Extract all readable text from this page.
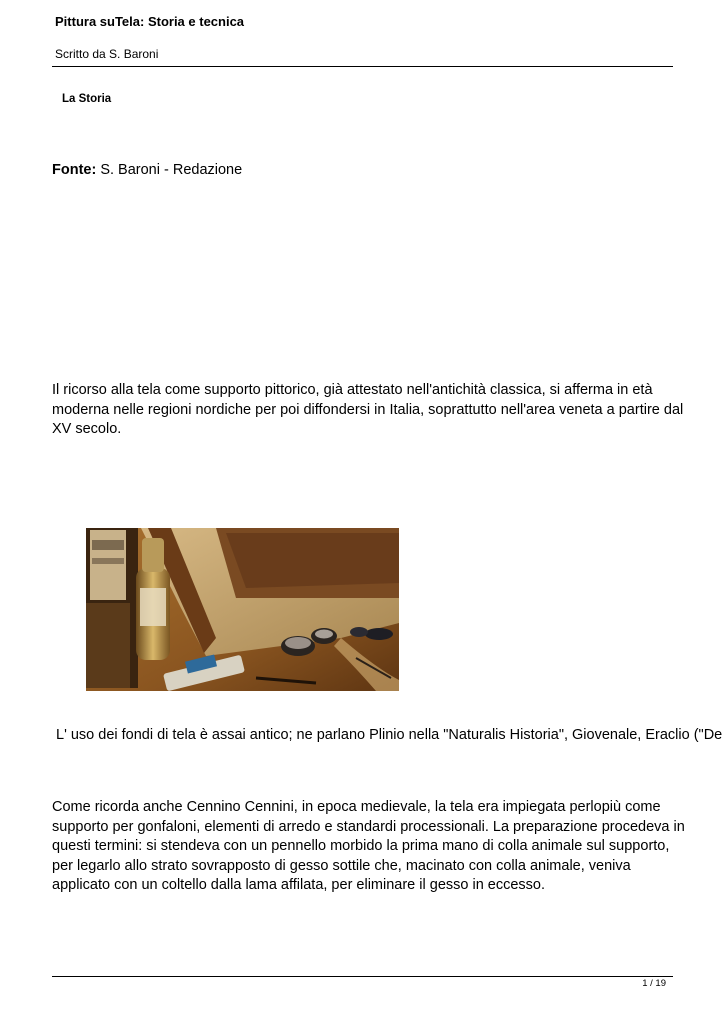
Pittura suTela: Storia e tecnica
Scritto da S. Baroni
La Storia
Fonte: S. Baroni - Redazione
Il ricorso alla tela come supporto pittorico, già attestato nell'antichità classica, si afferma in età moderna nelle regioni nordiche per poi diffondersi in Italia, soprattutto nell'area veneta a partire dal XV secolo.
L' uso dei fondi di tela è assai antico; ne parlano Plinio nella "Naturalis Historia", Giovenale, Eraclio ("De
Come ricorda anche Cennino Cennini, in epoca medievale, la tela era impiegata perlopiù come supporto per gonfaloni, elementi di arredo e standardi processionali. La preparazione procedeva in questi termini: si stendeva con un pennello morbido la prima mano di colla animale sul supporto, per legarlo allo strato sovrapposto di gesso sottile che, macinato con colla animale, veniva applicato con un coltello dalla lama affilata, per eliminare il gesso in eccesso.
1 / 19
